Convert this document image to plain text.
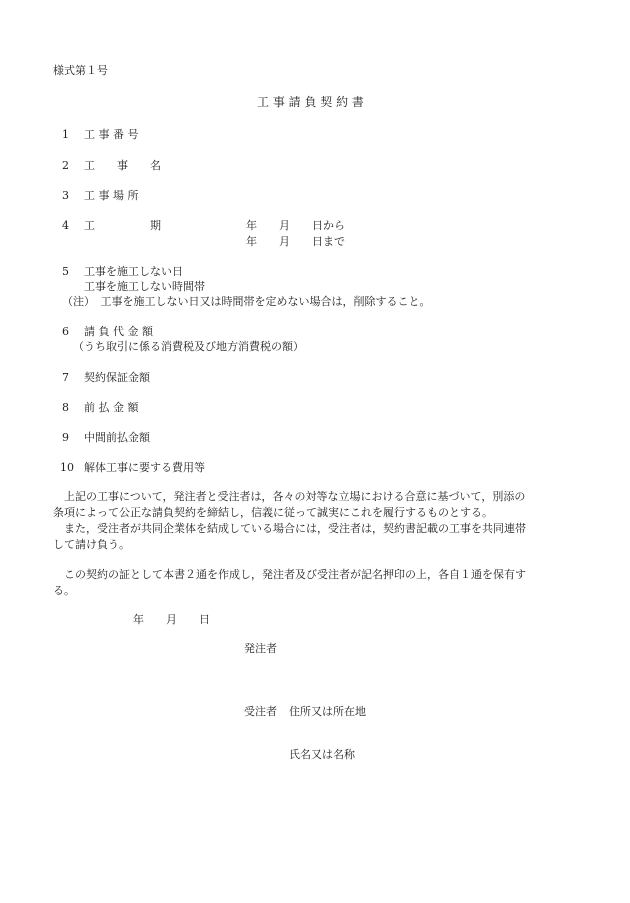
様式第１号
工 事 請 負 契 約 書
1 工 事 番 号
2 工　　事　　名
3 工 事 場 所
4 工　　　　　期	年　　月　　日から
年　　月　　日まで
5 工事を施工しない日
工事を施工しない時間帯
（注）　工事を施工しない日又は時間帯を定めない場合は，削除すること。
6 請 負 代 金 額
（うち取引に係る消費税及び地方消費税の額）
7 契約保証金額
8 前 払 金 額
9 中間前払金額
10 解体工事に要する費用等
　上記の工事について，発注者と受注者は，各々の対等な立場における合意に基づいて，別添の
条項によって公正な請負契約を締結し，信義に従って誠実にこれを履行するものとする。
　また，受注者が共同企業体を結成している場合には，受注者は，契約書記載の工事を共同連帯
して請け負う。
　この契約の証として本書２通を作成し，発注者及び受注者が記名押印の上，各自１通を保有す
る。
年　　月　　日
発注者
受注者 住所又は所在地
氏名又は名称
